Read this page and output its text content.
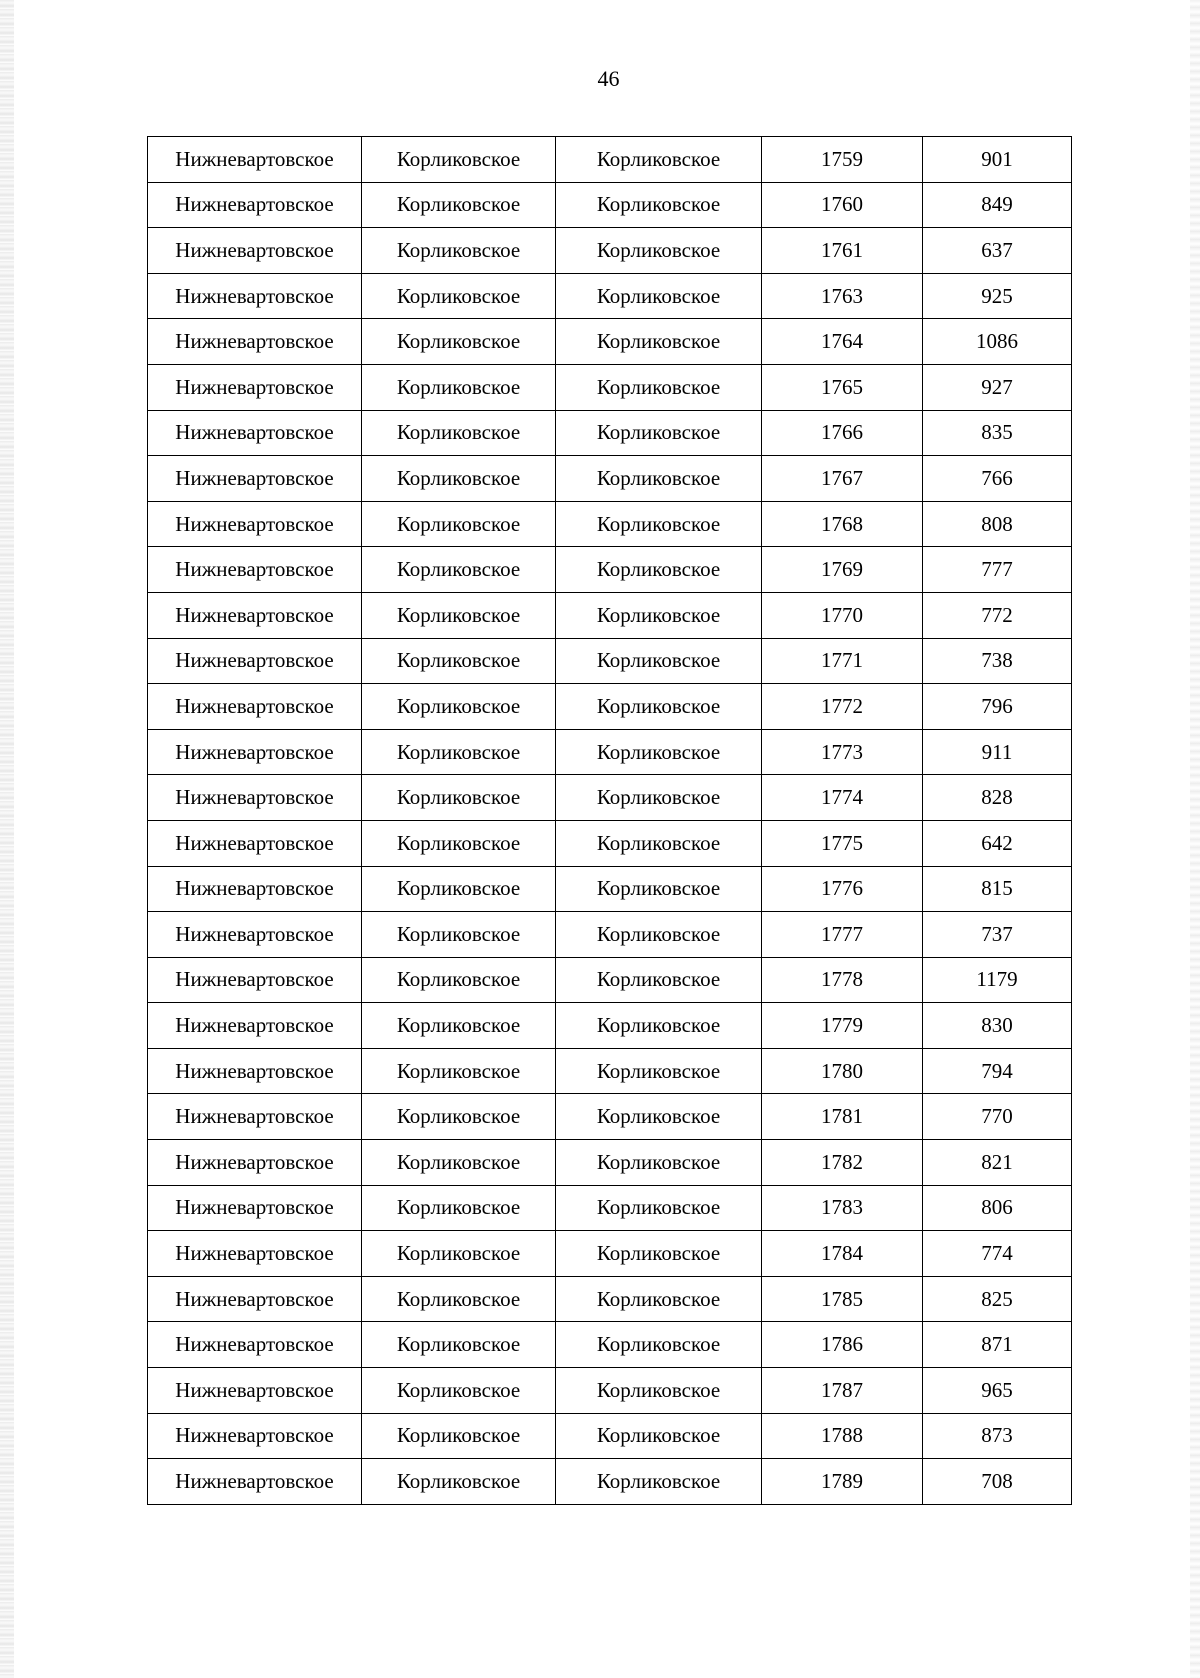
46
Нижневартовское	Корликовское	Корликовское	1759	901
Нижневартовское	Корликовское	Корликовское	1760	849
Нижневартовское	Корликовское	Корликовское	1761	637
Нижневартовское	Корликовское	Корликовское	1763	925
Нижневартовское	Корликовское	Корликовское	1764	1086
Нижневартовское	Корликовское	Корликовское	1765	927
Нижневартовское	Корликовское	Корликовское	1766	835
Нижневартовское	Корликовское	Корликовское	1767	766
Нижневартовское	Корликовское	Корликовское	1768	808
Нижневартовское	Корликовское	Корликовское	1769	777
Нижневартовское	Корликовское	Корликовское	1770	772
Нижневартовское	Корликовское	Корликовское	1771	738
Нижневартовское	Корликовское	Корликовское	1772	796
Нижневартовское	Корликовское	Корликовское	1773	911
Нижневартовское	Корликовское	Корликовское	1774	828
Нижневартовское	Корликовское	Корликовское	1775	642
Нижневартовское	Корликовское	Корликовское	1776	815
Нижневартовское	Корликовское	Корликовское	1777	737
Нижневартовское	Корликовское	Корликовское	1778	1179
Нижневартовское	Корликовское	Корликовское	1779	830
Нижневартовское	Корликовское	Корликовское	1780	794
Нижневартовское	Корликовское	Корликовское	1781	770
Нижневартовское	Корликовское	Корликовское	1782	821
Нижневартовское	Корликовское	Корликовское	1783	806
Нижневартовское	Корликовское	Корликовское	1784	774
Нижневартовское	Корликовское	Корликовское	1785	825
Нижневартовское	Корликовское	Корликовское	1786	871
Нижневартовское	Корликовское	Корликовское	1787	965
Нижневартовское	Корликовское	Корликовское	1788	873
Нижневартовское	Корликовское	Корликовское	1789	708
